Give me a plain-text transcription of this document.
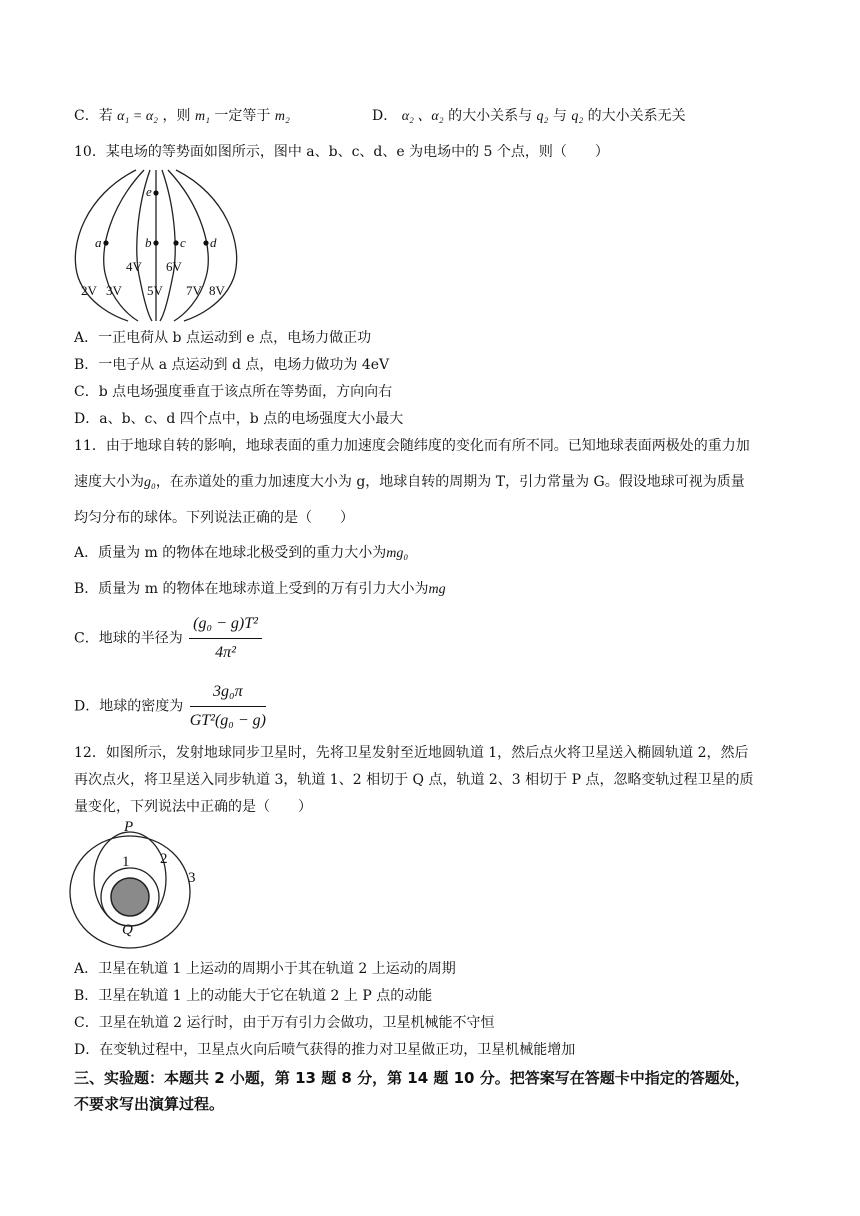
C．若 α₁ = α₂ ，则 m₁ 一定等于 m₂	D． α₂ 、α₂ 的大小关系与 q₂ 与 q₂ 的大小关系无关
10．某电场的等势面如图所示，图中 a、b、c、d、e 为电场中的 5 个点，则（　　）
e
a	b c d
4V 6V
2V 3V 5V 7V 8V
A．一正电荷从 b 点运动到 e 点，电场力做正功
B．一电子从 a 点运动到 d 点，电场力做功为 4eV
C．b 点电场强度垂直于该点所在等势面，方向向右
D．a、b、c、d 四个点中，b 点的电场强度大小最大
11．由于地球自转的影响，地球表面的重力加速度会随纬度的变化而有所不同。已知地球表面两极处的重力加
速度大小为g₀，在赤道处的重力加速度大小为 g，地球自转的周期为 T，引力常量为 G。假设地球可视为质量
均匀分布的球体。下列说法正确的是（　　）
A．质量为 m 的物体在地球北极受到的重力大小为mg₀
B．质量为 m 的物体在地球赤道上受到的万有引力大小为mg
C．地球的半径为 $\frac{\text{(g₀ − g)T²}}{\text{4π²}}$
D．地球的密度为 $\frac{\text{3g₀π}}{\text{GT²(g₀ − g)}}$
12．如图所示，发射地球同步卫星时，先将卫星发射至近地圆轨道 1，然后点火将卫星送入椭圆轨道 2，然后
再次点火，将卫星送入同步轨道 3，轨道 1、2 相切于 Q 点，轨道 2、3 相切于 P 点，忽略变轨过程卫星的质
量变化，下列说法中正确的是（　　）
P
1 2
3
Q
A．卫星在轨道 1 上运动的周期小于其在轨道 2 上运动的周期
B．卫星在轨道 1 上的动能大于它在轨道 2 上 P 点的动能
C．卫星在轨道 2 运行时，由于万有引力会做功，卫星机械能不守恒
D．在变轨过程中，卫星点火向后喷气获得的推力对卫星做正功，卫星机械能增加
三、实验题：本题共 2 小题，第 13 题 8 分，第 14 题 10 分。把答案写在答题卡中指定的答题处，
不要求写出演算过程。
